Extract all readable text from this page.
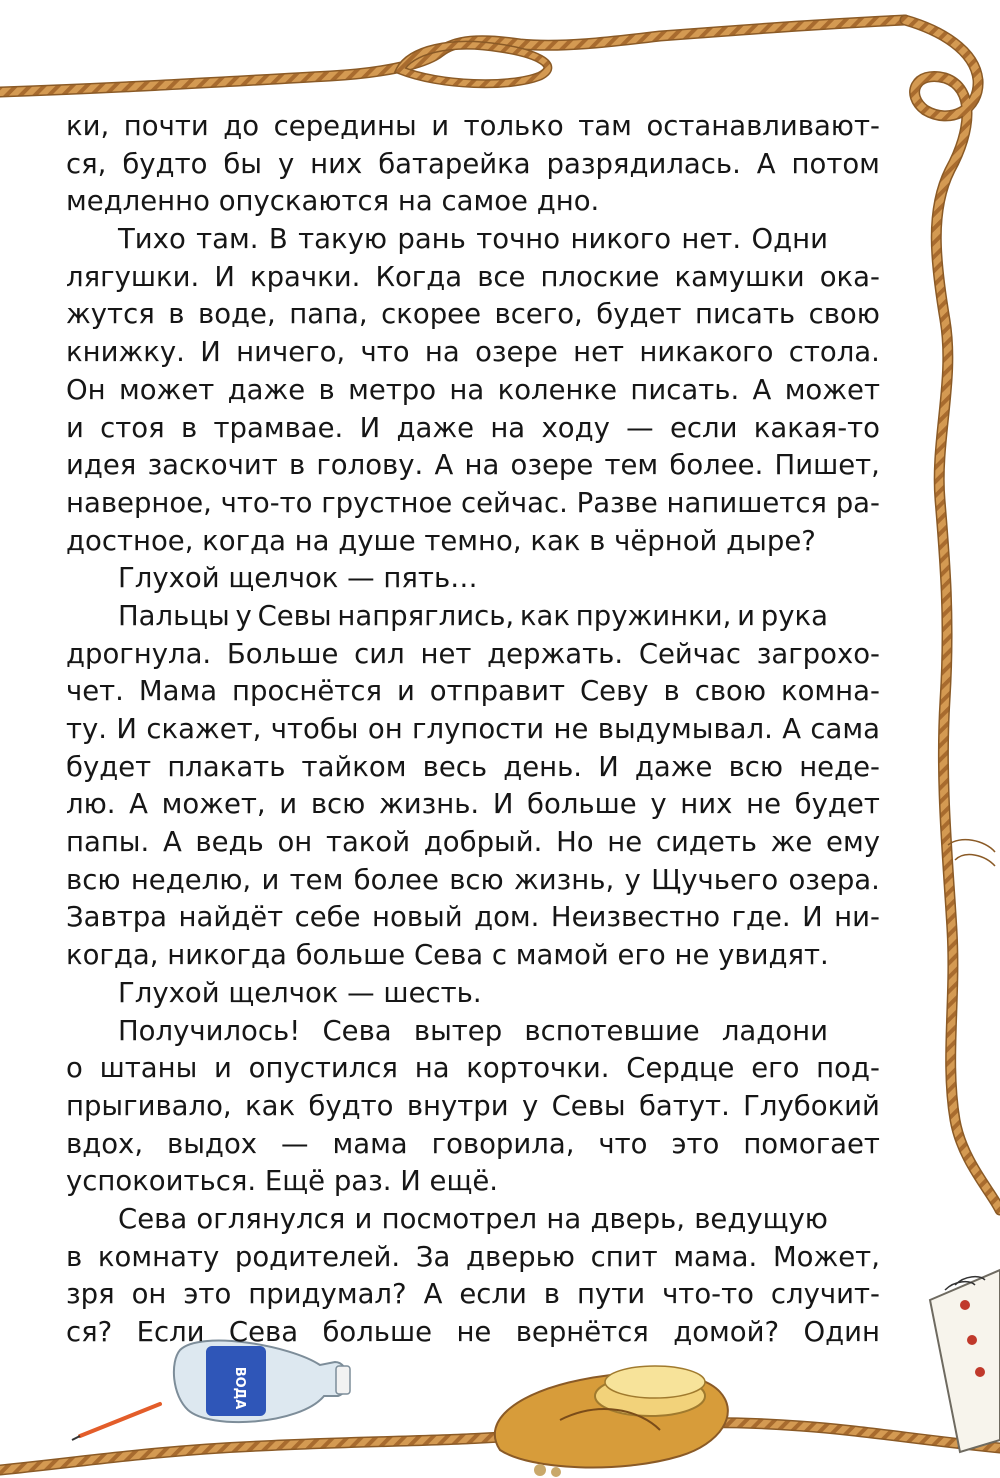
ВОДА
ки, почти до середины и только там останавливают-
ся, будто бы у них батарейка разрядилась. А потом
медленно опускаются на самое дно.
Тихо там. В такую рань точно никого нет. Одни
лягушки. И крачки. Когда все плоские камушки ока-
жутся в воде, папа, скорее всего, будет писать свою
книжку. И ничего, что на озере нет никакого стола.
Он может даже в метро на коленке писать. А может
и стоя в трамвае. И даже на ходу — если какая-то
идея заскочит в голову. А на озере тем более. Пишет,
наверное, что-то грустное сейчас. Разве напишется ра-
достное, когда на душе темно, как в чёрной дыре?
Глухой щелчок — пять…
Пальцы у Севы напряглись, как пружинки, и рука
дрогнула. Больше сил нет держать. Сейчас загрохо-
чет. Мама проснётся и отправит Севу в свою комна-
ту. И скажет, чтобы он глупости не выдумывал. А сама
будет плакать тайком весь день. И даже всю неде-
лю. А может, и всю жизнь. И больше у них не будет
папы. А ведь он такой добрый. Но не сидеть же ему
всю неделю, и тем более всю жизнь, у Щучьего озера.
Завтра найдёт себе новый дом. Неизвестно где. И ни-
когда, никогда больше Сева с мамой его не увидят.
Глухой щелчок — шесть.
Получилось! Сева вытер вспотевшие ладони
о штаны и опустился на корточки. Сердце его под-
прыгивало, как будто внутри у Севы батут. Глубокий
вдох, выдох — мама говорила, что это помогает
успокоиться. Ещё раз. И ещё.
Сева оглянулся и посмотрел на дверь, ведущую
в комнату родителей. За дверью спит мама. Может,
зря он это придумал? А если в пути что-то случит-
ся? Если Сева больше не вернётся домой? Один
